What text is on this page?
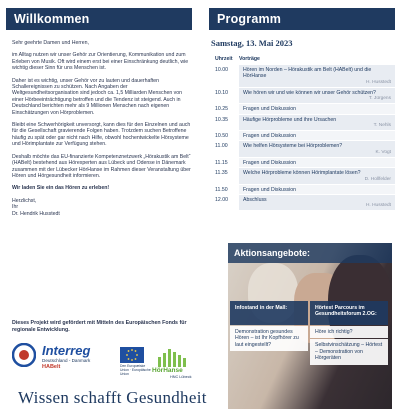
Willkommen

Sehr geehrte Damen und Herren,

im Alltag nutzen wir unser Gehör zur Orientierung, Kommunikation und zum Erleben von Musik. Oft wird einem erst bei einer Einschränkung deutlich, wie wichtig dieser Sinn für uns Menschen ist.

Daher ist es wichtig, unser Gehör vor zu lauten und dauerhaften Schallereignissen zu schützen. Nach Angaben der Weltgesundheitsorganisation sind jedoch ca. 1,5 Milliarden Menschen von einer Hörbeeinträchtigung betroffen und die Tendenz ist steigend. Auch in Deutschland berichten mehr als 9 Millionen Menschen nach eigenen Einschätzungen von Hörproblemen.

Bleibt eine Schwerhörigkeit unversorgt, kann dies für den Einzelnen und auch für die Gesellschaft gravierende Folgen haben. Trotzdem suchen Betroffene häufig zu spät oder gar nicht nach Hilfe, obwohl hochentwickelte Hörsysteme und Hörimplantate zur Verfügung stehen.

Deshalb möchte das EU-finanzierte Kompetenznetzwerk „Hörakustik am Belt“ (HABelt) bestehend aus Hörexperten aus Lübeck und Odense in Dänemark zusammen mit der Lübecker HörHanse im Rahmen dieser Veranstaltung über Hören und Hörgesundheit informieren.

Wir laden Sie ein das Hören zu erleben!

Herzlichst,
Ihr
Dr. Hendrik Husstedt
Dieses Projekt wird gefördert mit Mitteln des Europäischen Fonds für regionale Entwicklung.
Interreg
Deutschland - Danmark
HABelt	Den Europæiske Union · Europäische Union	HörHanse
HNC Lübeck
Wissen schafft Gesundheit
Programm
Samstag, 13. Mai 2023
Uhrzeit	Vorträge
10.00	Hören im Norden – Hörakustik am Belt (HABelt) und die HörHanse
H. Husstedt
10.10	Wie hören wir und wie können wir unser Gehör schützen?
T. Jürgens
10.25	Fragen und Diskussion
10.35	Häufige Hörprobleme und ihre Ursachen
T. Nehls
10.50	Fragen und Diskussion
11.00	Wie helfen Hörsysteme bei Hörproblemen?
K. Vogt
11.15	Fragen und Diskussion
11.35	Welche Hörprobleme können Hörimplantate lösen?
D. Hollfelder
11.50	Fragen und Diskussion
12.00	Abschluss
H. Husstedt
Aktionsangebote:
Infostand in der Mall:
Demonstration gesundes Hören – ist Ihr Kopfhörer zu laut eingestellt?
Hörtest Parcours im Gesundheitsforum 2.OG:
Höre ich richtig?
Selbstvinschätzung – Hörtest – Demonstration von Hörgeräten
